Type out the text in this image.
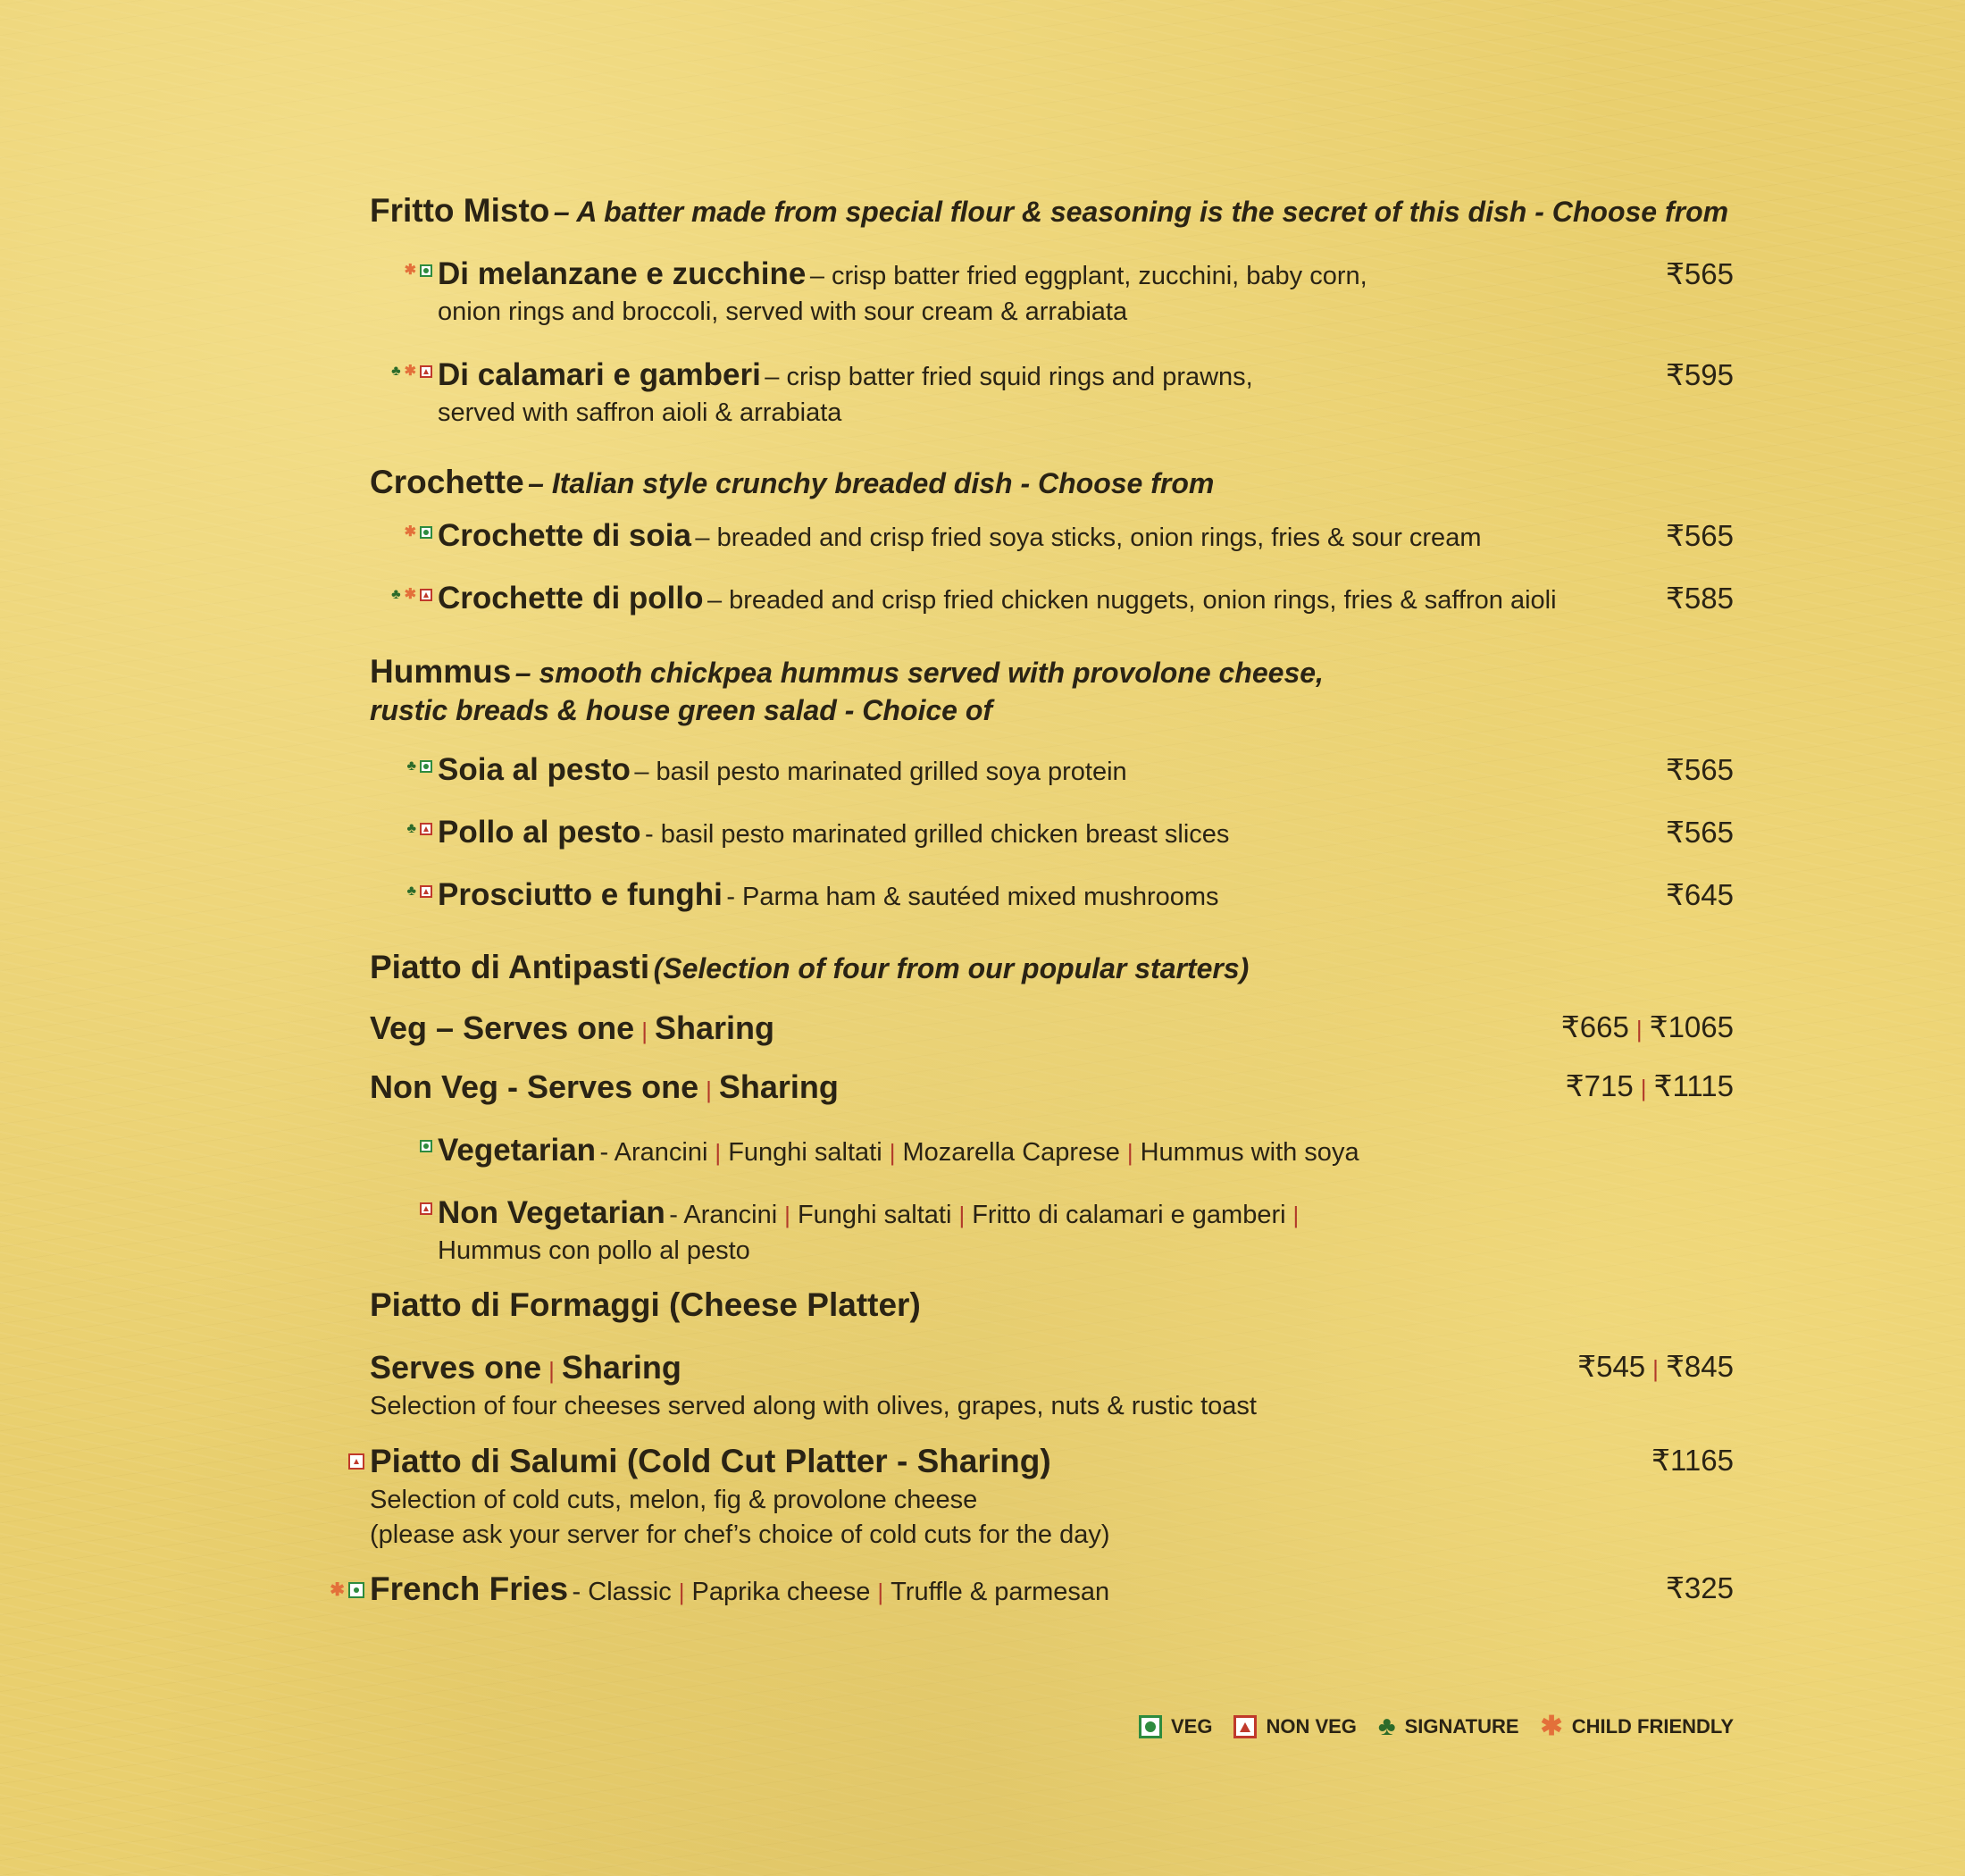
Fritto Misto – A batter made from special flour & seasoning is the secret of this dish - Choose from
✱ Di melanzane e zucchine – crisp batter fried eggplant, zucchini, baby corn,
onion rings and broccoli, served with sour cream & arrabiata
₹565
♣ ✱ Di calamari e gamberi – crisp batter fried squid rings and prawns,
served with saffron aioli & arrabiata
₹595
Crochette – Italian style crunchy breaded dish - Choose from
✱ Crochette di soia – breaded and crisp fried soya sticks, onion rings, fries & sour cream	₹565
♣ ✱ Crochette di pollo – breaded and crisp fried chicken nuggets, onion rings, fries & saffron aioli	₹585
Hummus – smooth chickpea hummus served with provolone cheese,
rustic breads & house green salad - Choice of
♣ Soia al pesto – basil pesto marinated grilled soya protein	₹565
♣ Pollo al pesto - basil pesto marinated grilled chicken breast slices	₹565
♣ Prosciutto e funghi - Parma ham & sautéed mixed mushrooms	₹645
Piatto di Antipasti (Selection of four from our popular starters)
Veg – Serves one | Sharing	₹665 | ₹1065
Non Veg - Serves one | Sharing	₹715 | ₹1115
Vegetarian - Arancini | Funghi saltati | Mozarella Caprese | Hummus with soya
Non Vegetarian - Arancini | Funghi saltati | Fritto di calamari e gamberi |
Hummus con pollo al pesto
Piatto di Formaggi (Cheese Platter)
Serves one | Sharing
Selection of four cheeses served along with olives, grapes, nuts & rustic toast
₹545 | ₹845
Piatto di Salumi (Cold Cut Platter - Sharing)
Selection of cold cuts, melon, fig & provolone cheese
(please ask your server for chef’s choice of cold cuts for the day)
₹1165
✱ French Fries - Classic | Paprika cheese | Truffle & parmesan	₹325
VEG	NON VEG ♣ SIGNATURE ✱ CHILD FRIENDLY
